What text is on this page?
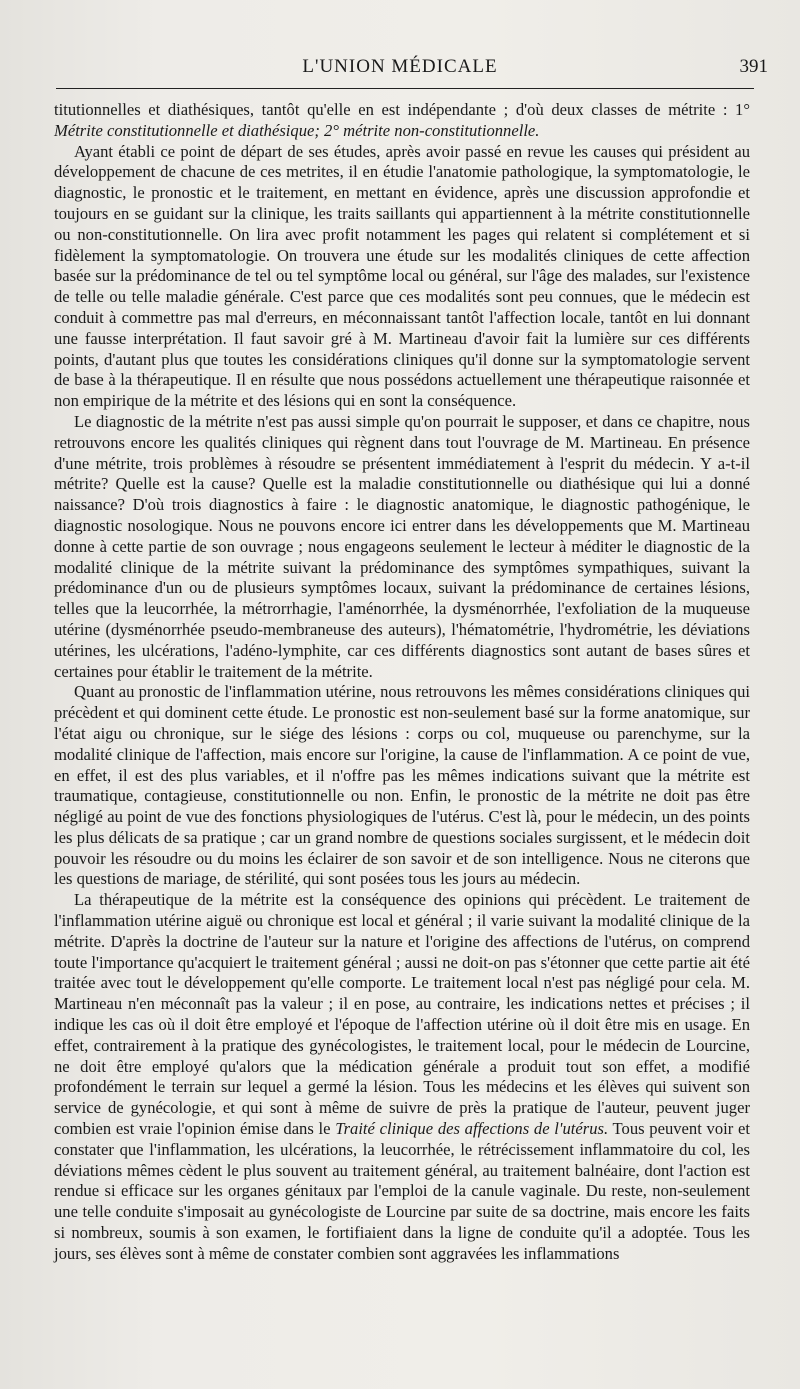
L'UNION MÉDICALE	391

titutionnelles et diathésiques, tantôt qu'elle en est indépendante ; d'où deux classes de métrite : 1° Métrite constitutionnelle et diathésique; 2° métrite non-constitutionnelle.

Ayant établi ce point de départ de ses études, après avoir passé en revue les causes qui président au développement de chacune de ces metrites, il en étudie l'anatomie pathologique, la symptomatologie, le diagnostic, le pronostic et le traitement, en mettant en évidence, après une discussion approfondie et toujours en se guidant sur la clinique, les traits saillants qui appartiennent à la métrite constitutionnelle ou non-constitutionnelle. On lira avec profit notamment les pages qui relatent si complétement et si fidèlement la symptomatologie. On trouvera une étude sur les modalités cliniques de cette affection basée sur la prédominance de tel ou tel symptôme local ou général, sur l'âge des malades, sur l'existence de telle ou telle maladie générale. C'est parce que ces modalités sont peu connues, que le médecin est conduit à commettre pas mal d'erreurs, en méconnaissant tantôt l'affection locale, tantôt en lui donnant une fausse interprétation. Il faut savoir gré à M. Martineau d'avoir fait la lumière sur ces différents points, d'autant plus que toutes les considérations cliniques qu'il donne sur la symptomatologie servent de base à la thérapeutique. Il en résulte que nous possédons actuellement une thérapeutique raisonnée et non empirique de la métrite et des lésions qui en sont la conséquence.

Le diagnostic de la métrite n'est pas aussi simple qu'on pourrait le supposer, et dans ce chapitre, nous retrouvons encore les qualités cliniques qui règnent dans tout l'ouvrage de M. Martineau. En présence d'une métrite, trois problèmes à résoudre se présentent immédiatement à l'esprit du médecin. Y a-t-il métrite? Quelle est la cause? Quelle est la maladie constitutionnelle ou diathésique qui lui a donné naissance? D'où trois diagnostics à faire : le diagnostic anatomique, le diagnostic pathogénique, le diagnostic nosologique. Nous ne pouvons encore ici entrer dans les développements que M. Martineau donne à cette partie de son ouvrage ; nous engageons seulement le lecteur à méditer le diagnostic de la modalité clinique de la métrite suivant la prédominance des symptômes sympathiques, suivant la prédominance d'un ou de plusieurs symptômes locaux, suivant la prédominance de certaines lésions, telles que la leucorrhée, la métrorrhagie, l'aménorrhée, la dysménorrhée, l'exfoliation de la muqueuse utérine (dysménorrhée pseudo-membraneuse des auteurs), l'hématométrie, l'hydrométrie, les déviations utérines, les ulcérations, l'adéno-lymphite, car ces différents diagnostics sont autant de bases sûres et certaines pour établir le traitement de la métrite.

Quant au pronostic de l'inflammation utérine, nous retrouvons les mêmes considérations cliniques qui précèdent et qui dominent cette étude. Le pronostic est non-seulement basé sur la forme anatomique, sur l'état aigu ou chronique, sur le siége des lésions : corps ou col, muqueuse ou parenchyme, sur la modalité clinique de l'affection, mais encore sur l'origine, la cause de l'inflammation. A ce point de vue, en effet, il est des plus variables, et il n'offre pas les mêmes indications suivant que la métrite est traumatique, contagieuse, constitutionnelle ou non. Enfin, le pronostic de la métrite ne doit pas être négligé au point de vue des fonctions physiologiques de l'utérus. C'est là, pour le médecin, un des points les plus délicats de sa pratique ; car un grand nombre de questions sociales surgissent, et le médecin doit pouvoir les résoudre ou du moins les éclairer de son savoir et de son intelligence. Nous ne citerons que les questions de mariage, de stérilité, qui sont posées tous les jours au médecin.

La thérapeutique de la métrite est la conséquence des opinions qui précèdent. Le traitement de l'inflammation utérine aiguë ou chronique est local et général ; il varie suivant la modalité clinique de la métrite. D'après la doctrine de l'auteur sur la nature et l'origine des affections de l'utérus, on comprend toute l'importance qu'acquiert le traitement général ; aussi ne doit-on pas s'étonner que cette partie ait été traitée avec tout le développement qu'elle comporte. Le traitement local n'est pas négligé pour cela. M. Martineau n'en méconnaît pas la valeur ; il en pose, au contraire, les indications nettes et précises ; il indique les cas où il doit être employé et l'époque de l'affection utérine où il doit être mis en usage. En effet, contrairement à la pratique des gynécologistes, le traitement local, pour le médecin de Lourcine, ne doit être employé qu'alors que la médication générale a produit tout son effet, a modifié profondément le terrain sur lequel a germé la lésion. Tous les médecins et les élèves qui suivent son service de gynécologie, et qui sont à même de suivre de près la pratique de l'auteur, peuvent juger combien est vraie l'opinion émise dans le Traité clinique des affections de l'utérus. Tous peuvent voir et constater que l'inflammation, les ulcérations, la leucorrhée, le rétrécissement inflammatoire du col, les déviations mêmes cèdent le plus souvent au traitement général, au traitement balnéaire, dont l'action est rendue si efficace sur les organes génitaux par l'emploi de la canule vaginale. Du reste, non-seulement une telle conduite s'imposait au gynécologiste de Lourcine par suite de sa doctrine, mais encore les faits si nombreux, soumis à son examen, le fortifiaient dans la ligne de conduite qu'il a adoptée. Tous les jours, ses élèves sont à même de constater combien sont aggravées les inflammations
